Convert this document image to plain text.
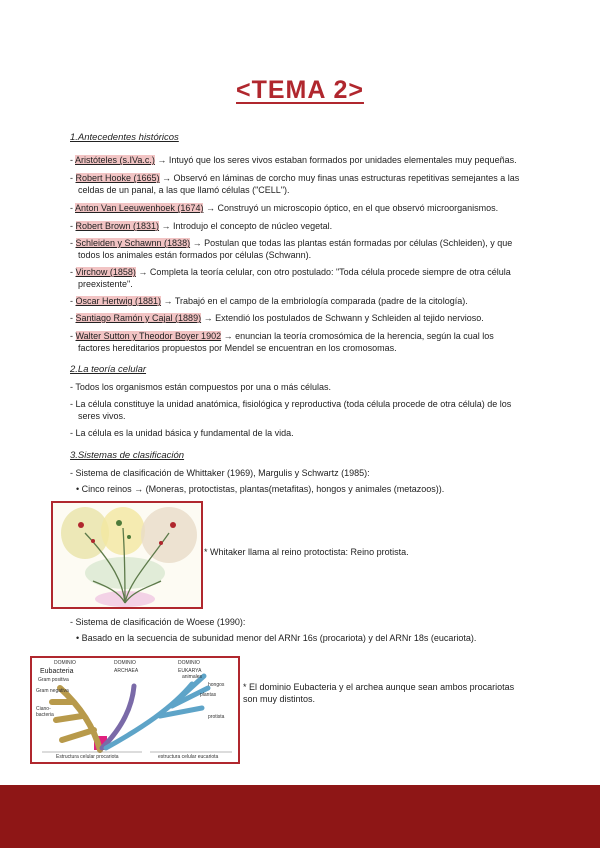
<TEMA 2>
1.Antecedentes históricos
- Aristóteles (s.IVa.c.) → Intuyó que los seres vivos estaban formados por unidades elementales muy pequeñas.
- Robert Hooke (1665) → Observó en láminas de corcho muy finas unas estructuras repetitivas semejantes a las
celdas de un panal, a las que llamó células ("CELL").
- Anton Van Leeuwenhoek (1674) → Construyó un microscopio óptico, en el que observó microorganismos.
- Robert Brown (1831) → Introdujo el concepto de núcleo vegetal.
- Schleiden y Schawnn (1838) → Postulan que todas las plantas están formadas por células (Schleiden), y que
todos los animales están formados por células (Schwann).
- Virchow (1858) → Completa la teoría celular, con otro postulado: "Toda célula procede siempre de otra célula
preexistente".
- Oscar Hertwig (1881) → Trabajó en el campo de la embriología comparada (padre de la citología).
- Santiago Ramón y Cajal (1889) → Extendió los postulados de Schwann y Schleiden al tejido nervioso.
- Walter Sutton y Theodor Boyer 1902 → enuncian la teoría cromosómica de la herencia, según la cual los
factores hereditarios propuestos por Mendel se encuentran en los cromosomas.
2.La teoría celular
- Todos los organismos están compuestos por una o más células.
- La célula constituye la unidad anatómica, fisiológica y reproductiva (toda célula procede de otra célula) de los
seres vivos.
- La célula es la unidad básica y fundamental de la vida.
3.Sistemas de clasificación
- Sistema de clasificación de Whittaker (1969), Margulis y Schwartz (1985):
• Cinco reinos → (Moneras, protoctistas, plantas(metafitas), hongos y animales (metazoos)).
* Whitaker llama al reino protoctista: Reino protista.
- Sistema de clasificación de Woese (1990):
• Basado en la secuencia de subunidad menor del ARNr 16s (procariota) y del ARNr 18s (eucariota).
DOMINIO	DOMINIO	DOMINIO
Eubacteria	ARCHAEA	EUKARYA
Gram positiva
Gram negativa
Ciano-bacteria
animales
hongos
plantas
protista
Estructura celular procariota	estructura celular eucariota
* El dominio Eubacteria y el archea aunque sean ambos procariotas
son muy distintos.
